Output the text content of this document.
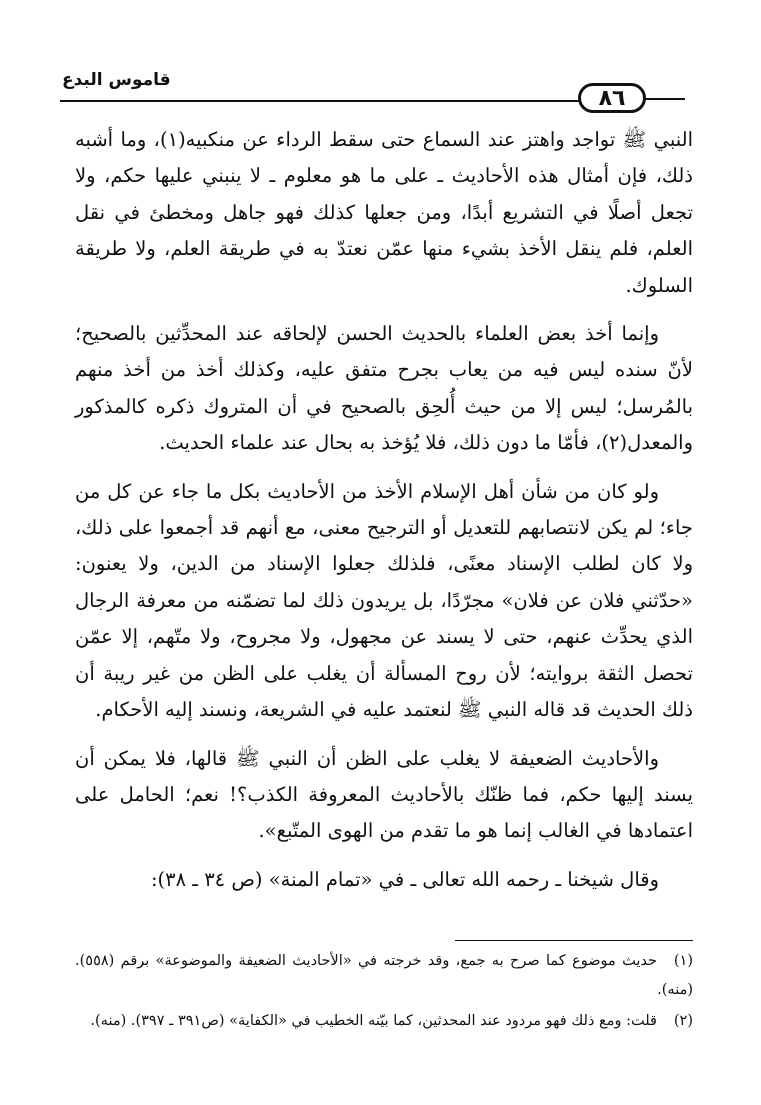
قاموس البدع
٨٦

النبي ﷺ تواجد واهتز عند السماع حتى سقط الرداء عن منكبيه(١)، وما أشبه ذلك، فإن أمثال هذه الأحاديث ـ على ما هو معلوم ـ لا ينبني عليها حكم، ولا تجعل أصلًا في التشريع أبدًا، ومن جعلها كذلك فهو جاهل ومخطئ في نقل العلم، فلم ينقل الأخذ بشيء منها عمّن نعتدّ به في طريقة العلم، ولا طريقة السلوك.

وإنما أخذ بعض العلماء بالحديث الحسن لإلحاقه عند المحدِّثين بالصحيح؛ لأنّ سنده ليس فيه من يعاب بجرح متفق عليه، وكذلك أخذ من أخذ منهم بالمُرسل؛ ليس إلا من حيث أُلحِق بالصحيح في أن المتروك ذكره كالمذكور والمعدل(٢)، فأمّا ما دون ذلك، فلا يُؤخذ به بحال عند علماء الحديث.

ولو كان من شأن أهل الإسلام الأخذ من الأحاديث بكل ما جاء عن كل من جاء؛ لم يكن لانتصابهم للتعديل أو الترجيح معنى، مع أنهم قد أجمعوا على ذلك، ولا كان لطلب الإسناد معنًى، فلذلك جعلوا الإسناد من الدين، ولا يعنون: «حدّثني فلان عن فلان» مجرّدًا، بل يريدون ذلك لما تضمّنه من معرفة الرجال الذي يحدِّث عنهم، حتى لا يسند عن مجهول، ولا مجروح، ولا متّهم، إلا عمّن تحصل الثقة بروايته؛ لأن روح المسألة أن يغلب على الظن من غير ريبة أن ذلك الحديث قد قاله النبي ﷺ لنعتمد عليه في الشريعة، ونسند إليه الأحكام.

والأحاديث الضعيفة لا يغلب على الظن أن النبي ﷺ قالها، فلا يمكن أن يسند إليها حكم، فما ظنّك بالأحاديث المعروفة الكذب؟! نعم؛ الحامل على اعتمادها في الغالب إنما هو ما تقدم من الهوى المتّبع».

وقال شيخنا ـ رحمه الله تعالى ـ في «تمام المنة» (ص ٣٤ ـ ٣٨):

(١)حديث موضوع كما صرح به جمع، وقد خرجته في «الأحاديث الضعيفة والموضوعة» برقم (٥٥٨). (منه).

(٢)قلت: ومع ذلك فهو مردود عند المحدثين، كما بيّنه الخطيب في «الكفاية» (ص٣٩١ ـ ٣٩٧). (منه).
